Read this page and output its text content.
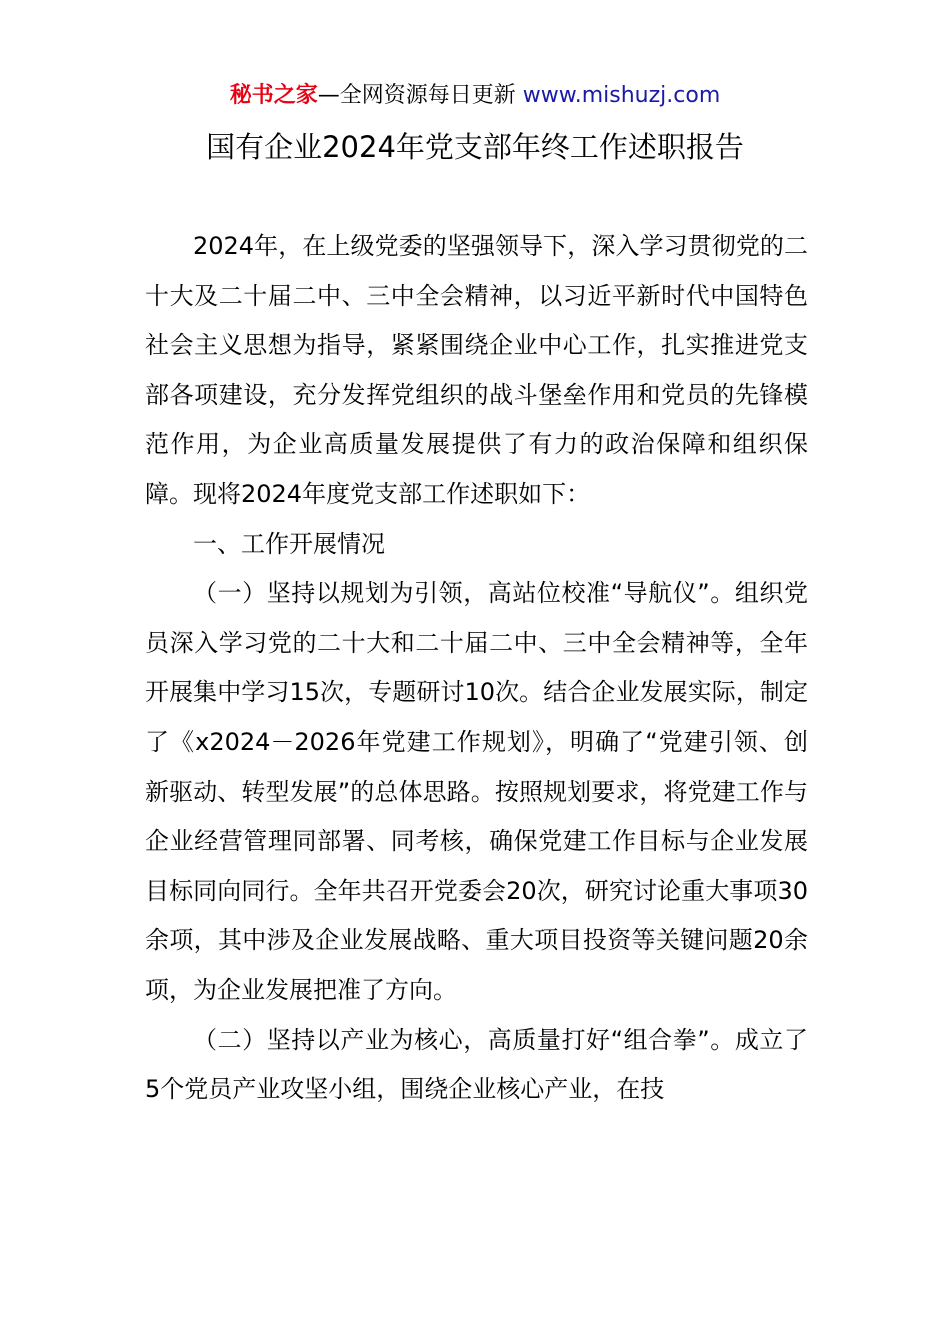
秘书之家—全网资源每日更新 www.mishuzj.com
国有企业2024年党支部年终工作述职报告

2024年，在上级党委的坚强领导下，深入学习贯彻党的二十大及二十届二中、三中全会精神，以习近平新时代中国特色社会主义思想为指导，紧紧围绕企业中心工作，扎实推进党支部各项建设，充分发挥党组织的战斗堡垒作用和党员的先锋模范作用，为企业高质量发展提供了有力的政治保障和组织保障。现将2024年度党支部工作述职如下：

一、工作开展情况

（一）坚持以规划为引领，高站位校准“导航仪”。组织党员深入学习党的二十大和二十届二中、三中全会精神等，全年开展集中学习15次，专题研讨10次。结合企业发展实际，制定了《x2024－2026年党建工作规划》，明确了“党建引领、创新驱动、转型发展”的总体思路。按照规划要求，将党建工作与企业经营管理同部署、同考核，确保党建工作目标与企业发展目标同向同行。全年共召开党委会20次，研究讨论重大事项30余项，其中涉及企业发展战略、重大项目投资等关键问题20余项，为企业发展把准了方向。

（二）坚持以产业为核心，高质量打好“组合拳”。成立了5个党员产业攻坚小组，围绕企业核心产业，在技
